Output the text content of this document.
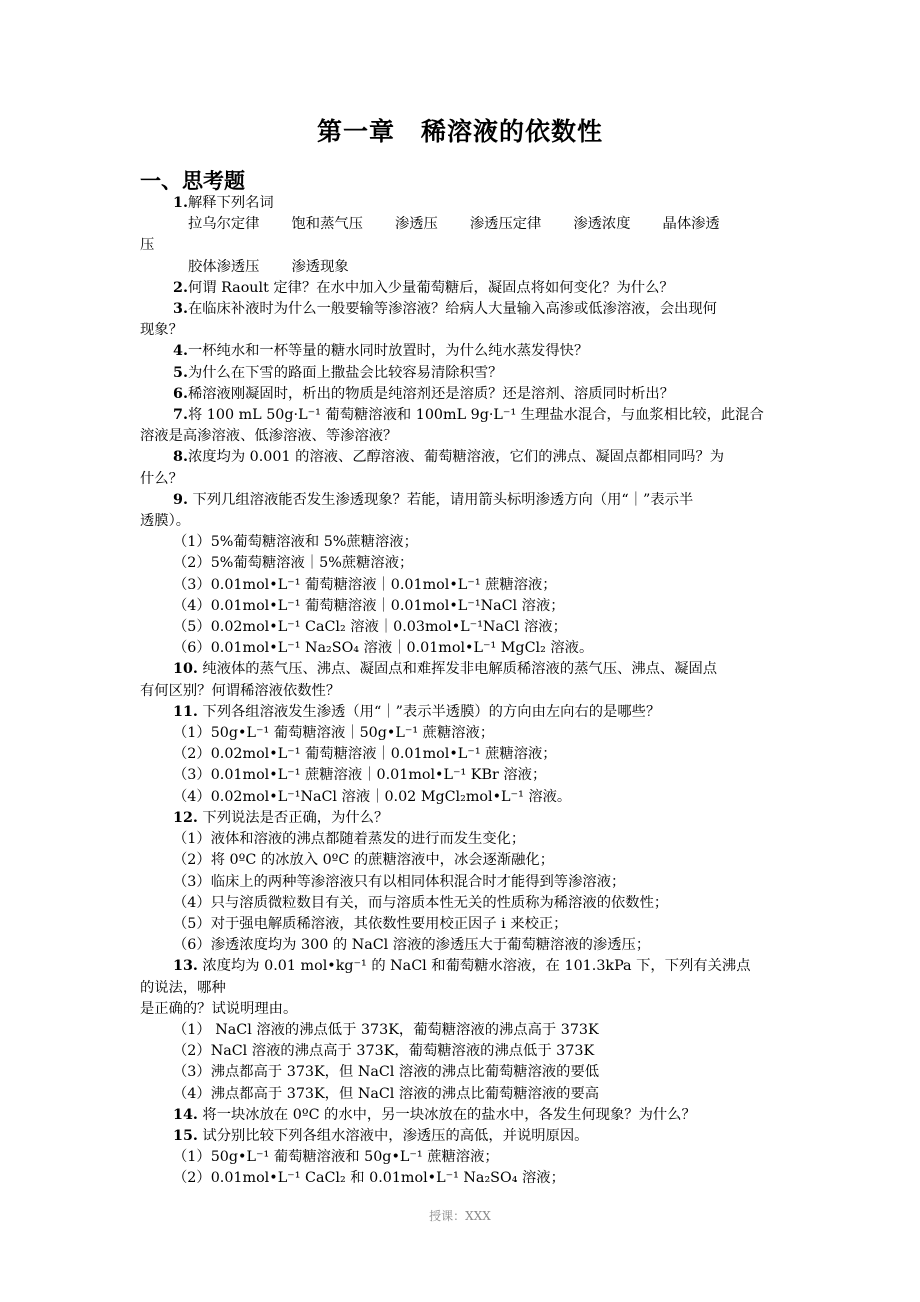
第一章　稀溶液的依数性
一、思考题

1.解释下列名词

拉乌尔定律 饱和蒸气压 渗透压 渗透压定律 渗透浓度 晶体渗透

压

胶体渗透压 渗透现象

2.何谓 Raoult 定律？在水中加入少量葡萄糖后，凝固点将如何变化？为什么？

3.在临床补液时为什么一般要输等渗溶液？给病人大量输入高渗或低渗溶液，会出现何

现象？

4.一杯纯水和一杯等量的糖水同时放置时，为什么纯水蒸发得快？

5.为什么在下雪的路面上撒盐会比较容易清除积雪？

6.稀溶液刚凝固时，析出的物质是纯溶剂还是溶质？还是溶剂、溶质同时析出？

7.将 100 mL 50g·L⁻¹ 葡萄糖溶液和 100mL 9g·L⁻¹ 生理盐水混合，与血浆相比较，此混合

溶液是高渗溶液、低渗溶液、等渗溶液？

8.浓度均为 0.001 的溶液、乙醇溶液、葡萄糖溶液，它们的沸点、凝固点都相同吗？为

什么？

9. 下列几组溶液能否发生渗透现象？若能，请用箭头标明渗透方向（用“｜”表示半

透膜）。

（1）5%葡萄糖溶液和 5%蔗糖溶液；

（2）5%葡萄糖溶液｜5%蔗糖溶液；

（3）0.01mol•L⁻¹ 葡萄糖溶液｜0.01mol•L⁻¹ 蔗糖溶液；

（4）0.01mol•L⁻¹ 葡萄糖溶液｜0.01mol•L⁻¹NaCl 溶液；

（5）0.02mol•L⁻¹ CaCl₂ 溶液｜0.03mol•L⁻¹NaCl 溶液；

（6）0.01mol•L⁻¹ Na₂SO₄ 溶液｜0.01mol•L⁻¹ MgCl₂ 溶液。

10. 纯液体的蒸气压、沸点、凝固点和难挥发非电解质稀溶液的蒸气压、沸点、凝固点

有何区别？何谓稀溶液依数性？

11. 下列各组溶液发生渗透（用“｜”表示半透膜）的方向由左向右的是哪些？

（1）50g•L⁻¹ 葡萄糖溶液｜50g•L⁻¹ 蔗糖溶液；

（2）0.02mol•L⁻¹ 葡萄糖溶液｜0.01mol•L⁻¹ 蔗糖溶液；

（3）0.01mol•L⁻¹ 蔗糖溶液｜0.01mol•L⁻¹ KBr 溶液；

（4）0.02mol•L⁻¹NaCl 溶液｜0.02 MgCl₂mol•L⁻¹ 溶液。

12. 下列说法是否正确，为什么？

（1）液体和溶液的沸点都随着蒸发的进行而发生变化；

（2）将 0ºC 的冰放入 0ºC 的蔗糖溶液中，冰会逐渐融化；

（3）临床上的两种等渗溶液只有以相同体积混合时才能得到等渗溶液；

（4）只与溶质微粒数目有关，而与溶质本性无关的性质称为稀溶液的依数性；

（5）对于强电解质稀溶液，其依数性要用校正因子 i 来校正；

（6）渗透浓度均为 300 的 NaCl 溶液的渗透压大于葡萄糖溶液的渗透压；

13. 浓度均为 0.01 mol•kg⁻¹ 的 NaCl 和葡萄糖水溶液，在 101.3kPa 下，下列有关沸点

的说法，哪种

是正确的？试说明理由。

（1） NaCl 溶液的沸点低于 373K，葡萄糖溶液的沸点高于 373K

（2）NaCl 溶液的沸点高于 373K，葡萄糖溶液的沸点低于 373K

（3）沸点都高于 373K，但 NaCl 溶液的沸点比葡萄糖溶液的要低

（4）沸点都高于 373K，但 NaCl 溶液的沸点比葡萄糖溶液的要高

14. 将一块冰放在 0ºC 的水中，另一块冰放在的盐水中，各发生何现象？为什么？

15. 试分别比较下列各组水溶液中，渗透压的高低，并说明原因。

（1）50g•L⁻¹ 葡萄糖溶液和 50g•L⁻¹ 蔗糖溶液；

（2）0.01mol•L⁻¹ CaCl₂ 和 0.01mol•L⁻¹ Na₂SO₄ 溶液；

授课：XXX
